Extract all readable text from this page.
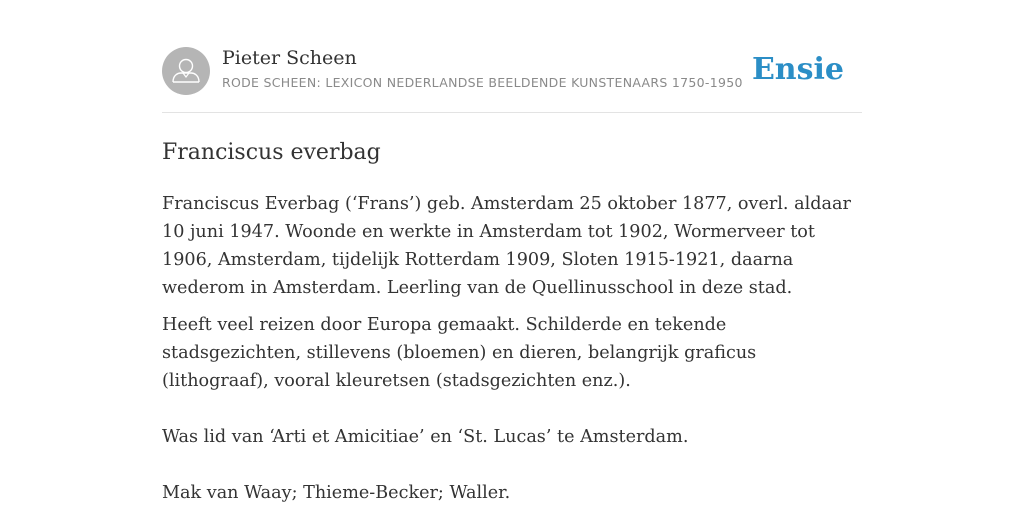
Pieter Scheen
RODE SCHEEN: LEXICON NEDERLANDSE BEELDENDE KUNSTENAARS 1750-1950 Ensie
Franciscus everbag

Franciscus Everbag (‘Frans’) geb. Amsterdam 25 oktober 1877, overl. aldaar 10 juni 1947. Woonde en werkte in Amsterdam tot 1902, Wormerveer tot 1906, Amsterdam, tijdelijk Rotterdam 1909, Sloten 1915-1921, daarna wederom in Amsterdam. Leerling van de Quellinusschool in deze stad.

Heeft veel reizen door Europa gemaakt. Schilderde en tekende stadsgezichten, stillevens (bloemen) en dieren, belangrijk graficus (lithograaf), vooral kleuretsen (stadsgezichten enz.).

Was lid van ‘Arti et Amicitiae’ en ‘St. Lucas’ te Amsterdam.

Mak van Waay; Thieme-Becker; Waller.
